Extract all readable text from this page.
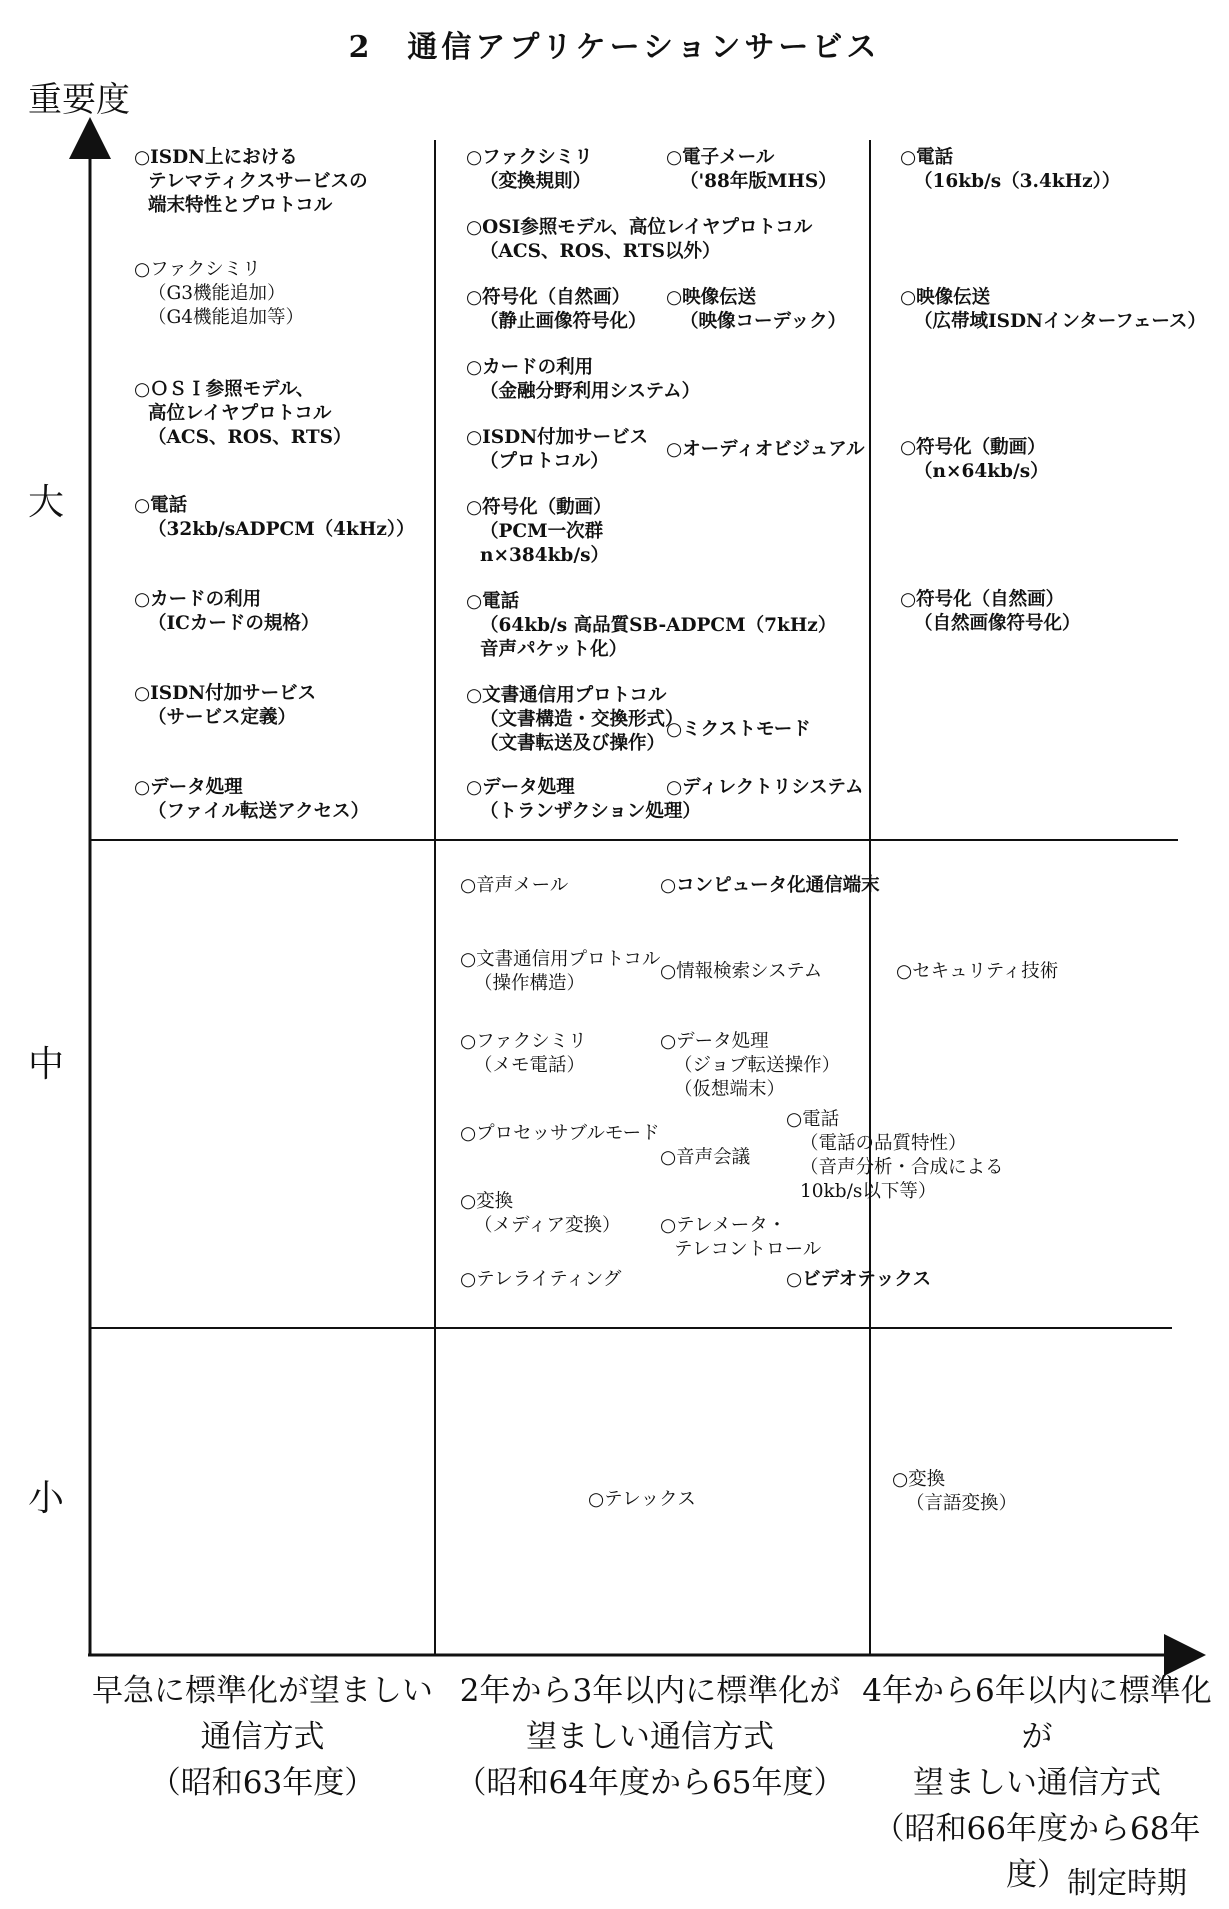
2　通信アプリケーションサービス
重要度
大
中
小
早急に標準化が望ましい
通信方式
（昭和63年度）
2年から3年以内に標準化が
望ましい通信方式
（昭和64年度から65年度）
4年から6年以内に標準化が
望ましい通信方式
（昭和66年度から68年度） 制定時期
○ISDN上における
テレマティクスサービスの
端末特性とプロトコル
○ファクシミリ
（G3機能追加）
（G4機能追加等）
○ＯＳＩ参照モデル、
高位レイヤプロトコル
（ACS、ROS、RTS）
○電話
（32kb/sADPCM（4kHz））
○カードの利用
（ICカードの規格）
○ISDN付加サービス
（サービス定義）
○データ処理
（ファイル転送アクセス）
○ファクシミリ
（変換規則）
○電子メール
（'88年版MHS）
○OSI参照モデル、高位レイヤプロトコル
（ACS、ROS、RTS以外）
○符号化（自然画）
（静止画像符号化）
○映像伝送
（映像コーデック）
○カードの利用
（金融分野利用システム）
○ISDN付加サービス
（プロトコル）
○オーディオビジュアル
○符号化（動画）
（PCM一次群
n×384kb/s）
○電話
（64kb/s 高品質SB-ADPCM（7kHz）
音声パケット化）
○文書通信用プロトコル
（文書構造・交換形式）
（文書転送及び操作）
○ミクストモード
○データ処理
（トランザクション処理）
○ディレクトリシステム
○電話
（16kb/s（3.4kHz））
○映像伝送
（広帯域ISDNインターフェース）
○符号化（動画）
（n×64kb/s）
○符号化（自然画）
（自然画像符号化）
○音声メール	○コンピュータ化通信端末
○文書通信用プロトコル
（操作構造）
○情報検索システム
○ファクシミリ
（メモ電話）
○データ処理
（ジョブ転送操作）
（仮想端末）
○電話
（電話の品質特性）
（音声分析・合成による
10kb/s以下等）
○プロセッサブルモード
○音声会議
○変換
（メディア変換） ○テレメータ・
テレコントロール
○テレライティング	○ビデオテックス
○セキュリティ技術
○テレックス
○変換
（言語変換）
